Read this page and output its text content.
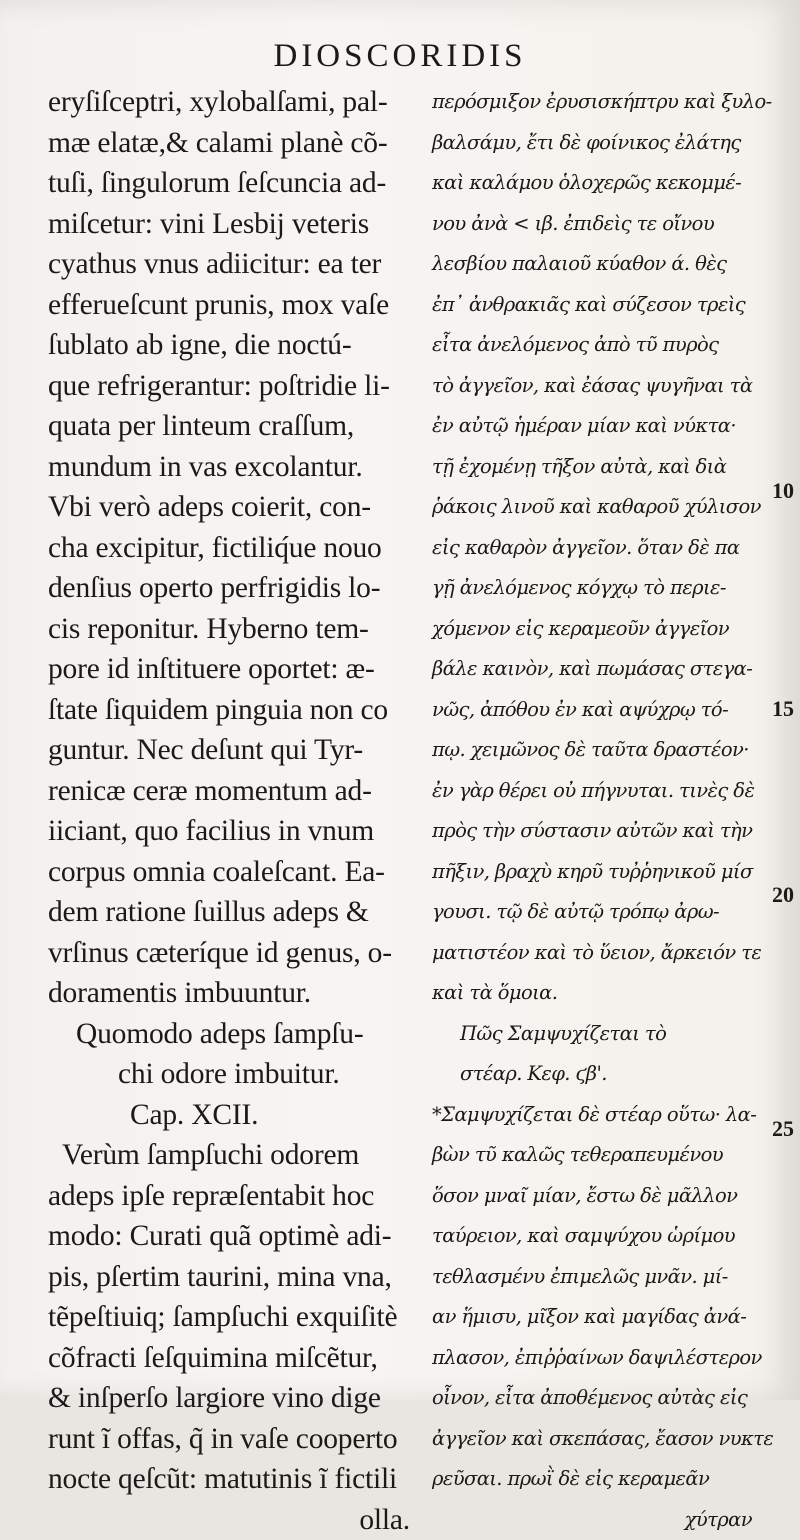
DIOSCORIDIS
eryſiſceptri, xylobalſami, pal-
mæ elatæ,& calami planè cõ-
tuſi, ſingulorum ſeſcuncia ad-
miſcetur: vini Lesbij veteris
cyathus vnus adiicitur: ea ter
efferueſcunt prunis, mox vaſe
ſublato ab igne, die noctú-
que refrigerantur: poſtridie li-
quata per linteum craſſum,
mundum in vas excolantur.
Vbi verò adeps coierit, con-
cha excipitur, fictiliq́ue nouo
denſius operto perfrigidis lo-
cis reponitur. Hyberno tem-
pore id inſtituere oportet: æ-
ſtate ſiquidem pinguia non co
guntur. Nec deſunt qui Tyr-
renicæ ceræ momentum ad-
iiciant, quo facilius in vnum
corpus omnia coaleſcant. Ea-
dem ratione ſuillus adeps &
vrſinus cæteríque id genus, o-
doramentis imbuuntur.
Quomodo adeps ſampſu-
chi odore imbuitur.
Cap. XCII.
Verùm ſampſuchi odorem
adeps ipſe repræſentabit hoc
modo: Curati quã optimè adi-
pis, pſertim taurini, mina vna,
tẽpeſtiuiq; ſampſuchi exquiſitè
cõfracti ſeſquimina miſcẽtur,
& inſperſo largiore vino dige
runt ĩ offas, q̃ in vaſe cooperto
nocte qeſcũt: matutinis ĩ fictili
olla.
περόσμιξον ἐρυσισκήπτρυ καὶ ξυλο-
βαλσάμυ, ἔτι δὲ φοίνικος ἐλάτης
καὶ καλάμου ὁλοχερῶς κεκομμέ-
νου ἀνὰ < ιβ. ἐπιδεὶς τε οἴνου
λεσβίου παλαιοῦ κύαθον ά. θὲς
ἐπ᾽ ἀνθρακιᾶς καὶ σύζεσον τρεὶς
εἶτα ἀνελόμενος ἀπὸ τῦ πυρὸς
τὸ ἀγγεῖον, καὶ ἐάσας ψυγῆναι τὰ
ἐν αὐτῷ ἡμέραν μίαν καὶ νύκτα·
τῇ ἐχομένῃ τῆξον αὐτὰ, καὶ διὰ
ῥάκοις λινοῦ καὶ καθαροῦ χύλισον
εἰς καθαρὸν ἀγγεῖον. ὅταν δὲ πα
γῇ ἀνελόμενος κόγχῳ τὸ περιε-
χόμενον εἰς κεραμεοῦν ἀγγεῖον
βάλε καινὸν, καὶ πωμάσας στεγα-
νῶς, ἀπόθου ἐν καὶ αψύχρῳ τό-
πῳ. χειμῶνος δὲ ταῦτα δραστέον·
ἐν γὰρ θέρει οὐ πήγνυται. τινὲς δὲ
πρὸς τὴν σύστασιν αὐτῶν καὶ τὴν
πῆξιν, βραχὺ κηρῦ τυῤῥηνικοῦ μίσ
γουσι. τῷ δὲ αὐτῷ τρόπῳ ἀρω-
ματιστέον καὶ τὸ ὕειον, ἄρκειόν τε
καὶ τὰ ὅμοια.
Πῶς Σαμψυχίζεται τὸ
στέαρ. Κεφ. ϛβ'.
*Σαμψυχίζεται δὲ στέαρ οὕτω· λα-
βὼν τῦ καλῶς τεθεραπευμένου
ὅσον μναῖ μίαν, ἔστω δὲ μᾶλλον
ταύρειον, καὶ σαμψύχου ὡρίμου
τεθλασμένυ ἐπιμελῶς μνᾶν. μί-
αν ἥμισυ, μῖξον καὶ μαγίδας ἀνά-
πλασον, ἐπιῤῥαίνων δαψιλέστερον
οἶνον, εἶτα ἀποθέμενος αὐτὰς εἰς
ἀγγεῖον καὶ σκεπάσας, ἔασον νυκτε
ρεῦσαι. πρωῒ δὲ εἰς κεραμεᾶν
χύτραν
10
15
20
25
